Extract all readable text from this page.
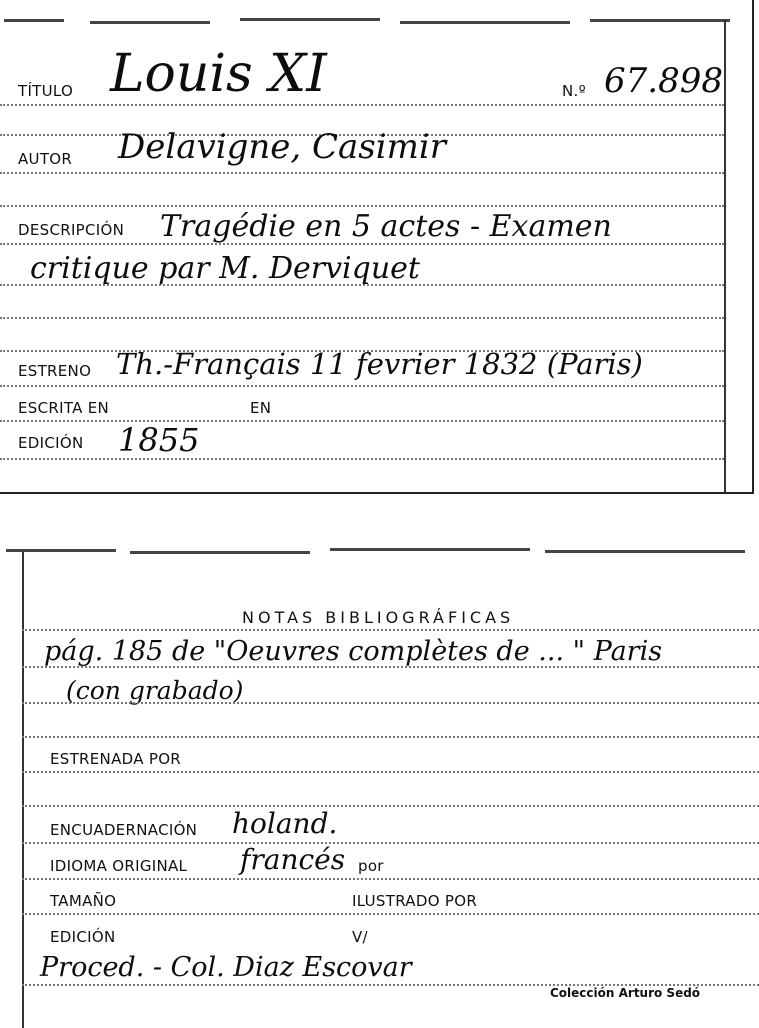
TÍTULO Louis XI	N.º 67.898
AUTOR Delavigne, Casimir
DESCRIPCIÓN Tragédie en 5 actes - Examen
critique par M. Derviquet
ESTRENO Th.-Français 11 fevrier 1832 (Paris)
ESCRITA EN	EN
EDICIÓN 1855
NOTAS BIBLIOGRÁFICAS
pág. 185 de "Oeuvres complètes de ... " Paris
(con grabado)
ESTRENADA POR
ENCUADERNACIÓN holand.
IDIOMA ORIGINAL francés por
TAMAÑO	ILUSTRADO POR
EDICIÓN	V/
Proced. - Col. Diaz Escovar
Colección Arturo Sedó
